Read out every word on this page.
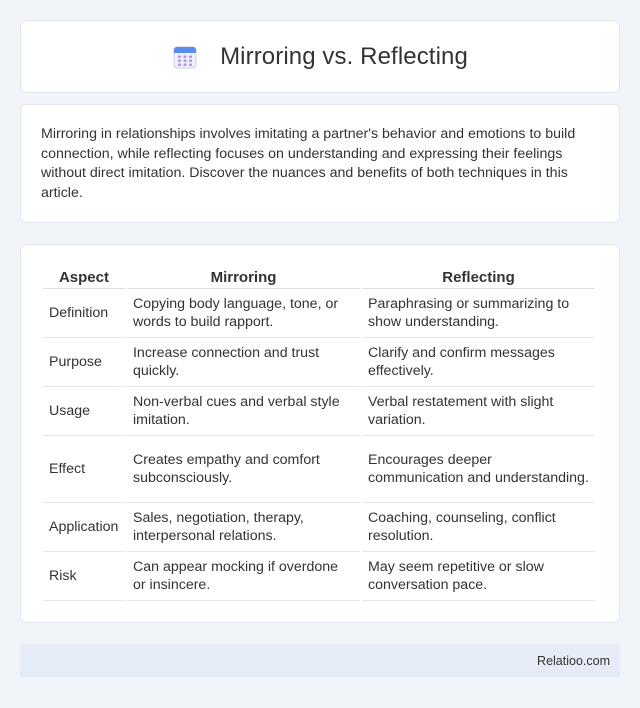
Mirroring vs. Reflecting

Mirroring in relationships involves imitating a partner's behavior and emotions to build connection, while reflecting focuses on understanding and expressing their feelings without direct imitation. Discover the nuances and benefits of both techniques in this article.

Aspect	Mirroring	Reflecting
Definition	Copying body language, tone, or words to build rapport.	Paraphrasing or summarizing to show understanding.
Purpose	Increase connection and trust quickly.	Clarify and confirm messages effectively.
Usage	Non-verbal cues and verbal style imitation.	Verbal restatement with slight variation.
Effect	Creates empathy and comfort subconsciously.	Encourages deeper communication and understanding.
Application	Sales, negotiation, therapy, interpersonal relations.	Coaching, counseling, conflict resolution.
Risk	Can appear mocking if overdone or insincere.	May seem repetitive or slow conversation pace.
Relatioo.com
